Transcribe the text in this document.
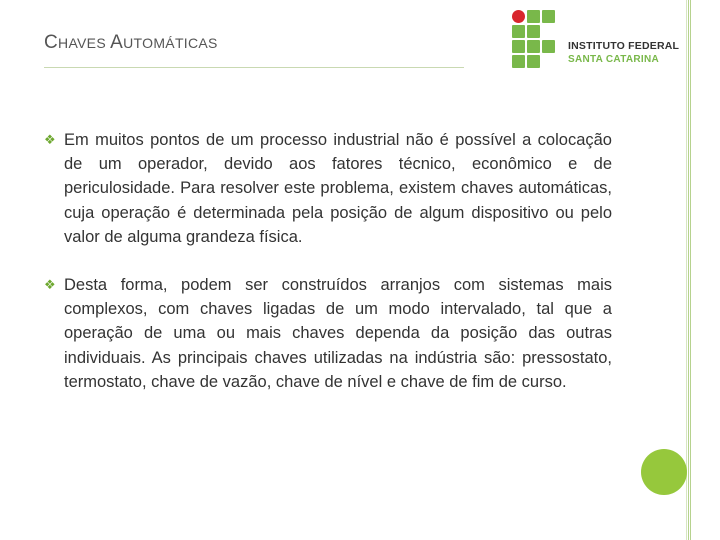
CHAVES AUTOMÁTICAS	INSTITUTO FEDERAL
SANTA CATARINA
❖ Em muitos pontos de um processo industrial não é possível a colocação de um operador, devido aos fatores técnico, econômico e de periculosidade. Para resolver este problema, existem chaves automáticas, cuja operação é determinada pela posição de algum dispositivo ou pelo valor de alguma grandeza física.
❖ Desta forma, podem ser construídos arranjos com sistemas mais complexos, com chaves ligadas de um modo intervalado, tal que a operação de uma ou mais chaves dependa da posição das outras individuais. As principais chaves utilizadas na indústria são: pressostato, termostato, chave de vazão, chave de nível e chave de fim de curso.
